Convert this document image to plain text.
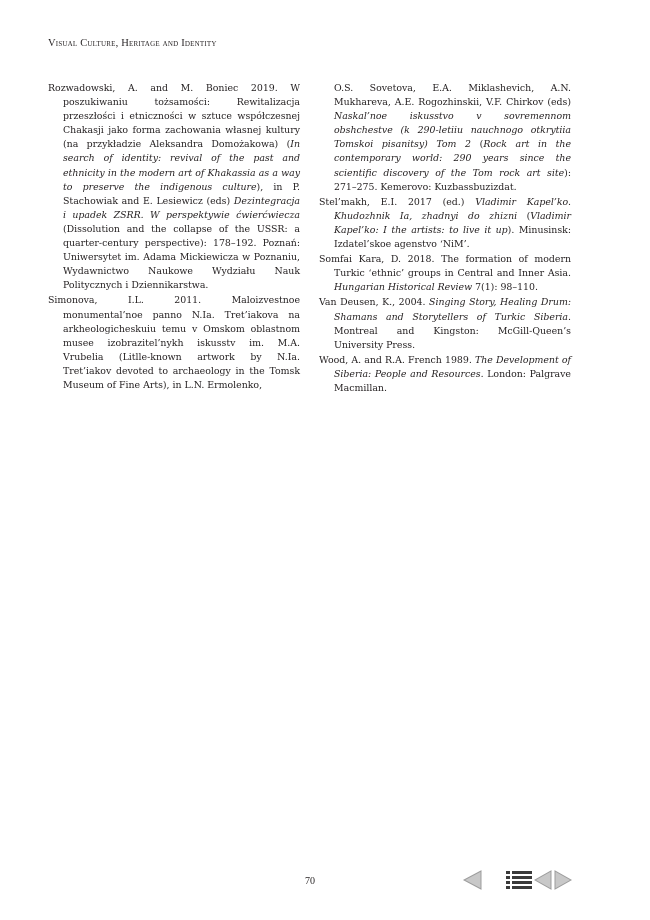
Visual Culture, Heritage and Identity

Rozwadowski, A. and M. Boniec 2019. W poszukiwaniu tożsamości: Rewitalizacja przeszłości i etniczności w sztuce współczesnej Chakasji jako forma zachowania własnej kultury (na przykładzie Aleksandra Domożakowa) (In search of identity: revival of the past and ethnicity in the modern art of Khakassia as a way to preserve the indigenous culture), in P. Stachowiak and E. Lesiewicz (eds) Dezintegracja i upadek ZSRR. W perspektywie ćwierćwiecza (Dissolution and the collapse of the USSR: a quarter-century perspective): 178–192. Poznań: Uniwersytet im. Adama Mickiewicza w Poznaniu, Wydawnictwo Naukowe Wydziału Nauk Politycznych i Dziennikarstwa.

Simonova, I.L. 2011. Maloizvestnoe monumental’noe panno N.Ia. Tret’iakova na arkheologicheskuiu temu v Omskom oblastnom musee izobrazitel’nykh iskusstv im. M.A. Vrubelia (Litlle-known artwork by N.Ia. Tret’iakov devoted to archaeology in the Tomsk Museum of Fine Arts), in L.N. Ermolenko,

O.S. Sovetova, E.A. Miklashevich, A.N. Mukhareva, A.E. Rogozhinskii, V.F. Chirkov (eds) Naskal’noe iskusstvo v sovremennom obshchestve (k 290-letiiu nauchnogo otkrytiia Tomskoi pisanitsy) Tom 2 (Rock art in the contemporary world: 290 years since the scientific discovery of the Tom rock art site): 271–275. Kemerovo: Kuzbassbuzizdat.

Stel’makh, E.I. 2017 (ed.) Vladimir Kapel’ko. Khudozhnik Ia, zhadnyi do zhizni (Vladimir Kapel’ko: I the artists: to live it up). Minusinsk: Izdatel’skoe agenstvo ‘NiM’.

Somfai Kara, D. 2018. The formation of modern Turkic ‘ethnic’ groups in Central and Inner Asia. Hungarian Historical Review 7(1): 98–110.

Van Deusen, K., 2004. Singing Story, Healing Drum: Shamans and Storytellers of Turkic Siberia. Montreal and Kingston: McGill-Queen’s University Press.

Wood, A. and R.A. French 1989. The Development of Siberia: People and Resources. London: Palgrave Macmillan.

70
